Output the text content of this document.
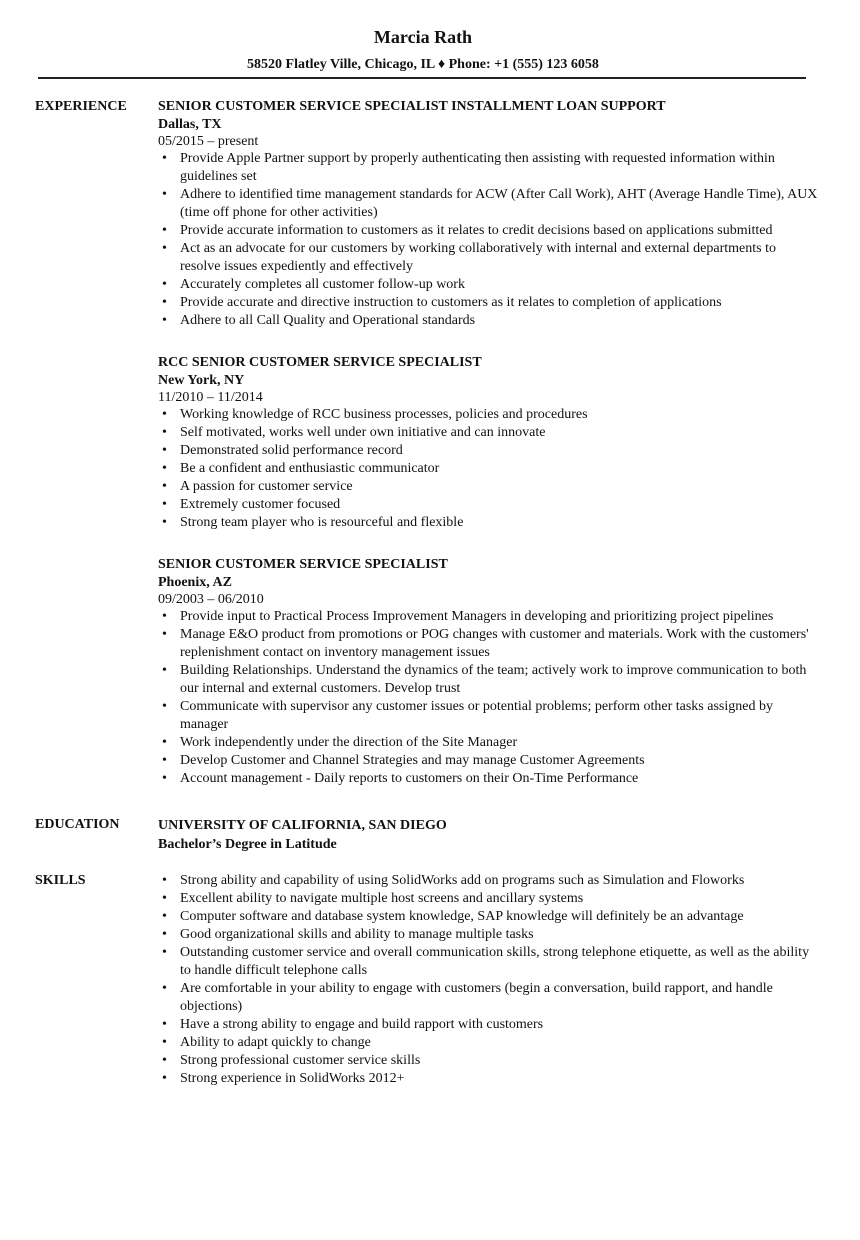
Marcia Rath
58520 Flatley Ville, Chicago, IL ♦ Phone: +1 (555) 123 6058
EXPERIENCE SENIOR CUSTOMER SERVICE SPECIALIST INSTALLMENT LOAN SUPPORT
Dallas, TX
05/2015 – present
• Provide Apple Partner support by properly authenticating then assisting with requested information within guidelines set
• Adhere to identified time management standards for ACW (After Call Work), AHT (Average Handle Time), AUX (time off phone for other activities)
• Provide accurate information to customers as it relates to credit decisions based on applications submitted
• Act as an advocate for our customers by working collaboratively with internal and external departments to resolve issues expediently and effectively
• Accurately completes all customer follow-up work
• Provide accurate and directive instruction to customers as it relates to completion of applications
• Adhere to all Call Quality and Operational standards
RCC SENIOR CUSTOMER SERVICE SPECIALIST
New York, NY
11/2010 – 11/2014
• Working knowledge of RCC business processes, policies and procedures
• Self motivated, works well under own initiative and can innovate
• Demonstrated solid performance record
• Be a confident and enthusiastic communicator
• A passion for customer service
• Extremely customer focused
• Strong team player who is resourceful and flexible
SENIOR CUSTOMER SERVICE SPECIALIST
Phoenix, AZ
09/2003 – 06/2010
• Provide input to Practical Process Improvement Managers in developing and prioritizing project pipelines
• Manage E&O product from promotions or POG changes with customer and materials. Work with the customers' replenishment contact on inventory management issues
• Building Relationships. Understand the dynamics of the team; actively work to improve communication to both our internal and external customers. Develop trust
• Communicate with supervisor any customer issues or potential problems; perform other tasks assigned by manager
• Work independently under the direction of the Site Manager
• Develop Customer and Channel Strategies and may manage Customer Agreements
• Account management - Daily reports to customers on their On-Time Performance
EDUCATION	UNIVERSITY OF CALIFORNIA, SAN DIEGO
Bachelor’s Degree in Latitude
SKILLS
•	Strong ability and capability of using SolidWorks add on programs such as Simulation and Floworks
• Excellent ability to navigate multiple host screens and ancillary systems
• Computer software and database system knowledge, SAP knowledge will definitely be an advantage
• Good organizational skills and ability to manage multiple tasks
• Outstanding customer service and overall communication skills, strong telephone etiquette, as well as the ability to handle difficult telephone calls
• Are comfortable in your ability to engage with customers (begin a conversation, build rapport, and handle objections)
• Have a strong ability to engage and build rapport with customers
• Ability to adapt quickly to change
• Strong professional customer service skills
• Strong experience in SolidWorks 2012+
